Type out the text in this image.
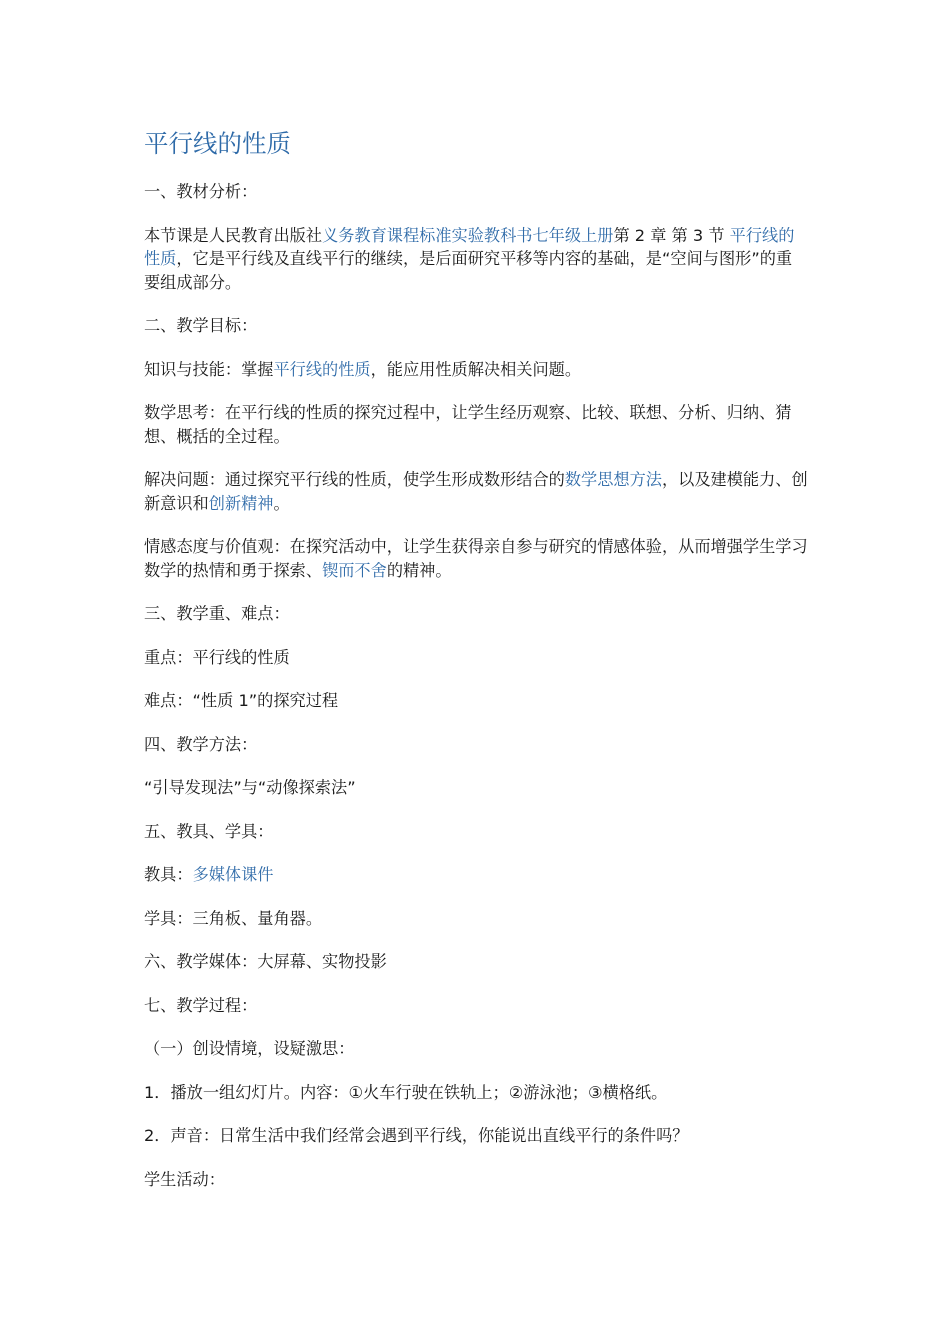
平行线的性质

一、教材分析：

本节课是人民教育出版社义务教育课程标准实验教科书七年级上册第 2 章 第 3 节 平行线的性质，它是平行线及直线平行的继续，是后面研究平移等内容的基础，是“空间与图形”的重要组成部分。

二、教学目标：

知识与技能：掌握平行线的性质，能应用性质解决相关问题。

数学思考：在平行线的性质的探究过程中，让学生经历观察、比较、联想、分析、归纳、猜想、概括的全过程。

解决问题：通过探究平行线的性质，使学生形成数形结合的数学思想方法，以及建模能力、创新意识和创新精神。

情感态度与价值观：在探究活动中，让学生获得亲自参与研究的情感体验，从而增强学生学习数学的热情和勇于探索、锲而不舍的精神。

三、教学重、难点：

重点：平行线的性质

难点：“性质 1”的探究过程

四、教学方法：

“引导发现法”与“动像探索法”

五、教具、学具：

教具：多媒体课件

学具：三角板、量角器。

六、教学媒体：大屏幕、实物投影

七、教学过程：

（一）创设情境，设疑激思：

1．播放一组幻灯片。内容：①火车行驶在铁轨上；②游泳池；③横格纸。

2．声音：日常生活中我们经常会遇到平行线，你能说出直线平行的条件吗？

学生活动：
